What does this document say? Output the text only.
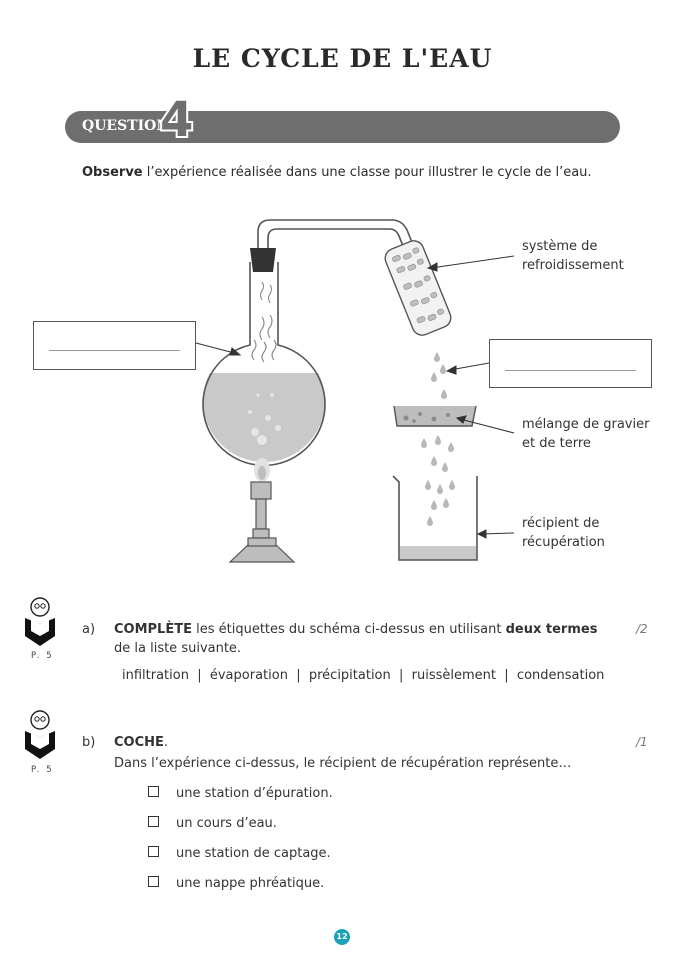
LE CYCLE DE L'EAU
QUESTION
4
Observe l’expérience réalisée dans une classe pour illustrer le cycle de l’eau.
système de
refroidissement
mélange de gravier
et de terre
récipient de
récupération
P. 5
a) COMPLÈTE les étiquettes du schéma ci-dessus en utilisant deux termes de la liste suivante.
/2
infiltration  |  évaporation  |  précipitation  |  ruissèlement  |  condensation
P. 5
b) COCHE.	/1
Dans l’expérience ci-dessus, le récipient de récupération représente…
une station d’épuration.
un cours d’eau.
une station de captage.
une nappe phréatique.
12
